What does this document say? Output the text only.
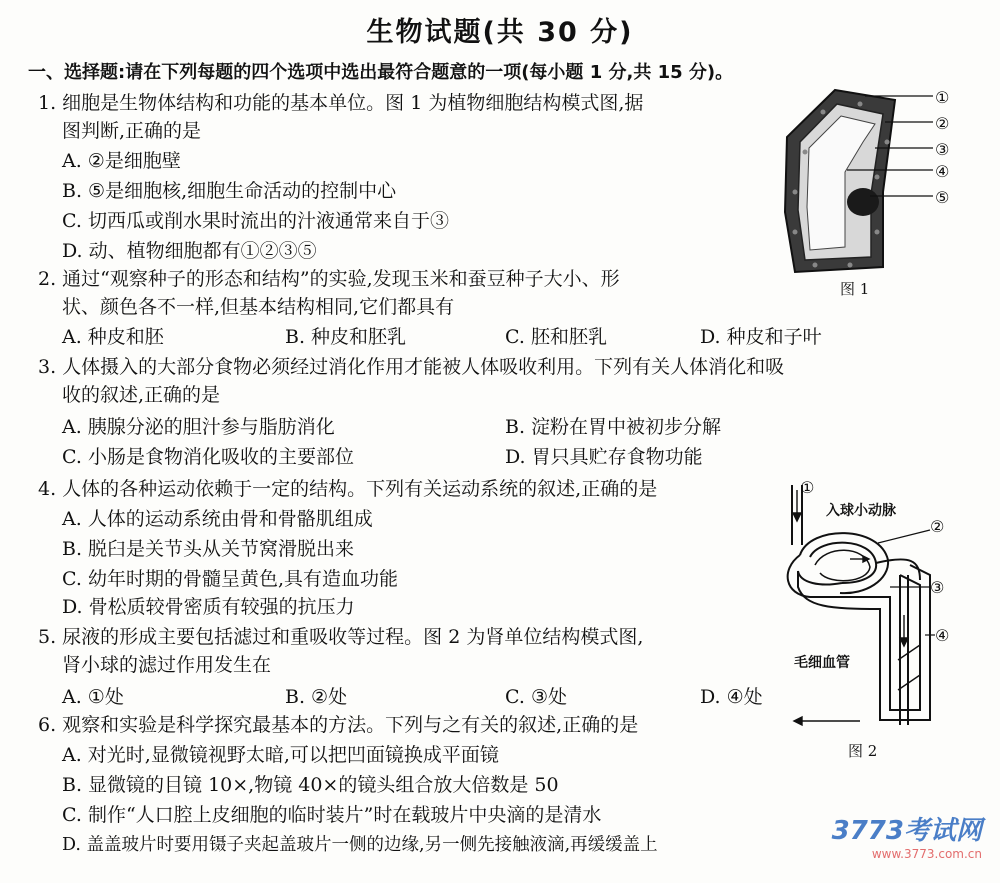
生物试题(共 30 分)
一、选择题:请在下列每题的四个选项中选出最符合题意的一项(每小题 1 分,共 15 分)。
1. 细胞是生物体结构和功能的基本单位。图 1 为植物细胞结构模式图,据
图判断,正确的是
A. ②是细胞壁
B. ⑤是细胞核,细胞生命活动的控制中心
C. 切西瓜或削水果时流出的汁液通常来自于③
D. 动、植物细胞都有①②③⑤
2. 通过“观察种子的形态和结构”的实验,发现玉米和蚕豆种子大小、形
状、颜色各不一样,但基本结构相同,它们都具有
A. 种皮和胚	B. 种皮和胚乳	C. 胚和胚乳	D. 种皮和子叶
3. 人体摄入的大部分食物必须经过消化作用才能被人体吸收利用。下列有关人体消化和吸
收的叙述,正确的是
A. 胰腺分泌的胆汁参与脂肪消化	B. 淀粉在胃中被初步分解
C. 小肠是食物消化吸收的主要部位	D. 胃只具贮存食物功能
4. 人体的各种运动依赖于一定的结构。下列有关运动系统的叙述,正确的是
A. 人体的运动系统由骨和骨骼肌组成
B. 脱臼是关节头从关节窝滑脱出来
C. 幼年时期的骨髓呈黄色,具有造血功能
D. 骨松质较骨密质有较强的抗压力
5. 尿液的形成主要包括滤过和重吸收等过程。图 2 为肾单位结构模式图,
肾小球的滤过作用发生在
A. ①处	B. ②处	C. ③处	D. ④处
6. 观察和实验是科学探究最基本的方法。下列与之有关的叙述,正确的是
A. 对光时,显微镜视野太暗,可以把凹面镜换成平面镜
B. 显微镜的目镜 10×,物镜 40×的镜头组合放大倍数是 50
C. 制作“人口腔上皮细胞的临时装片”时在载玻片中央滴的是清水
D. 盖盖玻片时要用镊子夹起盖玻片一侧的边缘,另一侧先接触液滴,再缓缓盖上
①
②
③
④
⑤
图 1
①
入球小动脉
②
③
④
毛细血管
图 2
3773考试网
www.3773.com.cn
